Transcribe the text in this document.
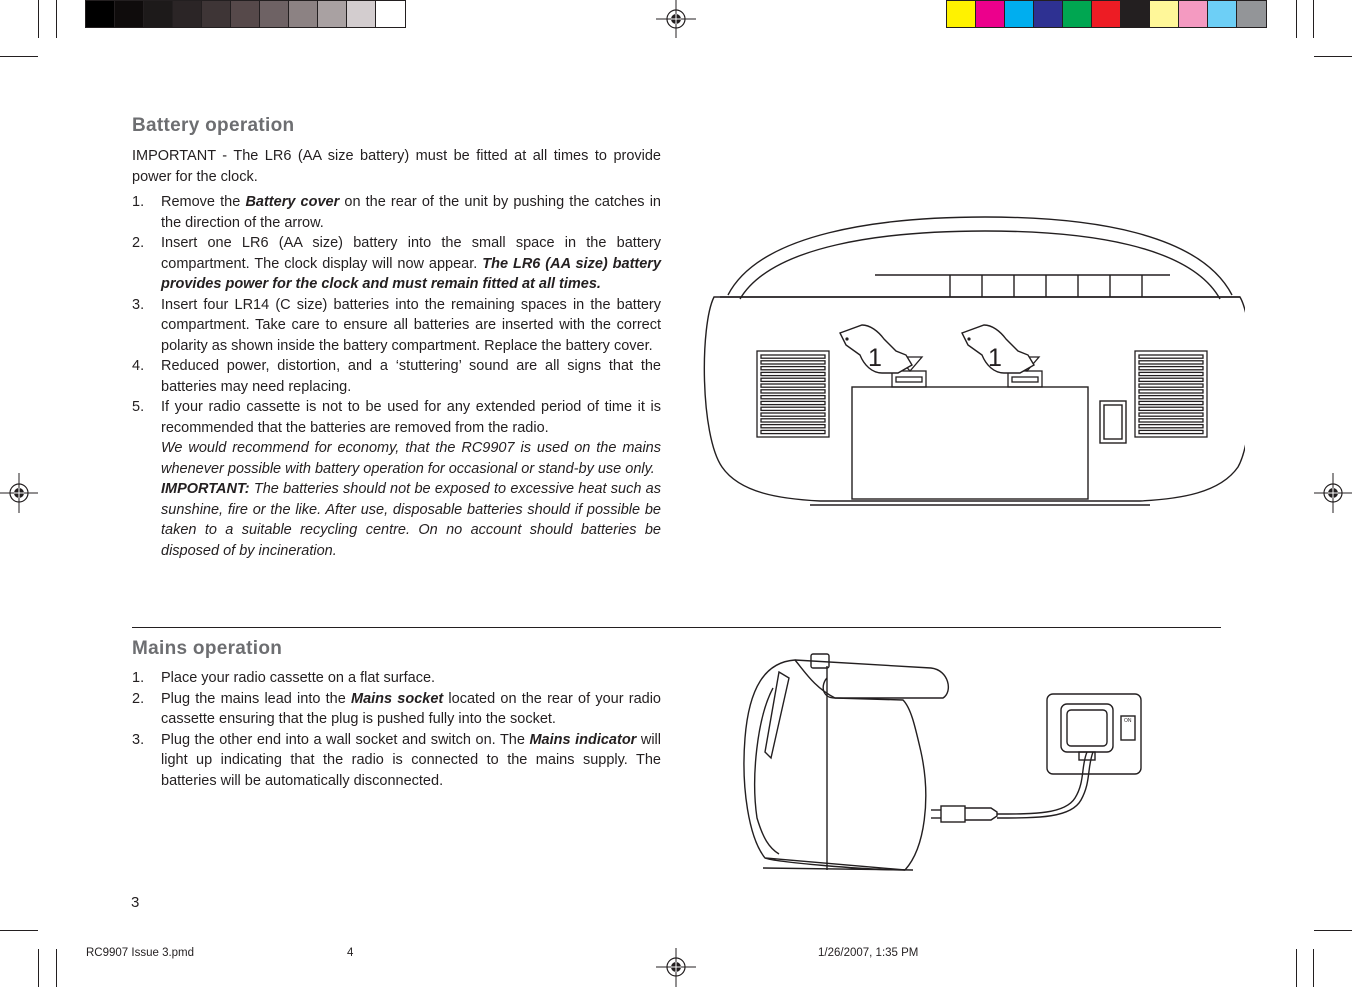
Battery operation
IMPORTANT - The LR6 (AA size battery) must be fitted at all times to provide power for the clock.
1. Remove the Battery cover on the rear of the unit by pushing the catches in the direction of the arrow.

2. Insert one LR6 (AA size) battery into the small space in the battery compartment. The clock display will now appear. The LR6 (AA size) battery provides power for the clock and must remain fitted at all times.

3. Insert four LR14 (C size) batteries into the remaining spaces in the battery compartment. Take care to ensure all batteries are inserted with the correct polarity as shown inside the battery compartment. Replace the battery cover.

4. Reduced power, distortion, and a ‘stuttering’ sound are all signs that the batteries may need replacing.

5. If your radio cassette is not to be used for any extended period of time it is recommended that the batteries are removed from the radio.

We would recommend for economy, that the RC9907 is used on the mains whenever possible with battery operation for occasional or stand-by use only.

IMPORTANT: The batteries should not be exposed to excessive heat such as sunshine, fire or the like. After use, disposable batteries should if possible be taken to a suitable recycling centre. On no account should batteries be disposed of by incineration.

1	1
Mains operation
1. Place your radio cassette on a flat surface.

2. Plug the mains lead into the Mains socket located on the rear of your radio cassette ensuring that the plug is pushed fully into the socket.

3. Plug the other end into a wall socket and switch on. The Mains indicator will light up indicating that the radio is connected to the mains supply. The batteries will be automatically disconnected.

ON
3
RC9907 Issue 3.pmd	4	1/26/2007, 1:35 PM
